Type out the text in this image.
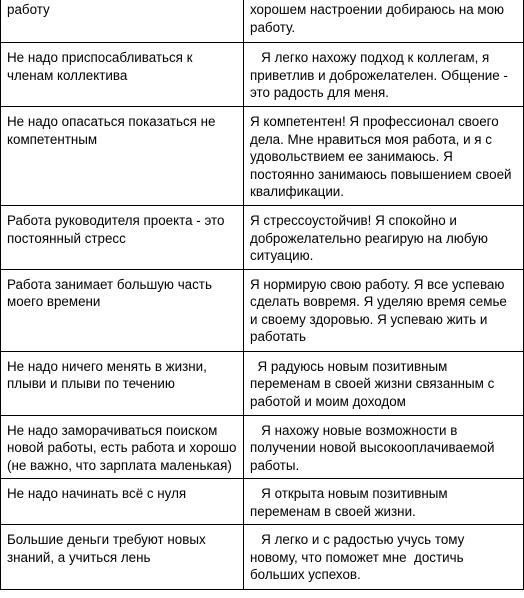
работу	хорошем настроении добираюсь на мою работу.
Не надо приспосабливаться к членам коллектива	Я легко нахожу подход к коллегам, я приветлив и доброжелателен. Общение - это радость для меня.
Не надо опасаться показаться не компетентным	Я компетентен! Я профессионал своего дела. Мне нравиться моя работа, и я с удовольствием ее занимаюсь. Я постоянно занимаюсь повышением своей квалификации.
Работа руководителя проекта - это постоянный стресс	Я стрессоустойчив! Я спокойно и доброжелательно реагирую на любую ситуацию.
Работа занимает большую часть моего времени	Я нормирую свою работу. Я все успеваю сделать вовремя. Я уделяю время семье и своему здоровью. Я успеваю жить и работать
Не надо ничего менять в жизни, плыви и плыви по течению	Я радуюсь новым позитивным переменам в своей жизни связанным с работой и моим доходом
Не надо заморачиваться поиском новой работы, есть работа и хорошо (не важно, что зарплата маленькая)	Я нахожу новые возможности в получении новой высокооплачиваемой работы.
Не надо начинать всё с нуля	Я открыта новым позитивным переменам в своей жизни.
Большие деньги требуют новых знаний, а учиться лень	Я легко и с радостью учусь тому  новому, что поможет мне  достичь больших успехов.
